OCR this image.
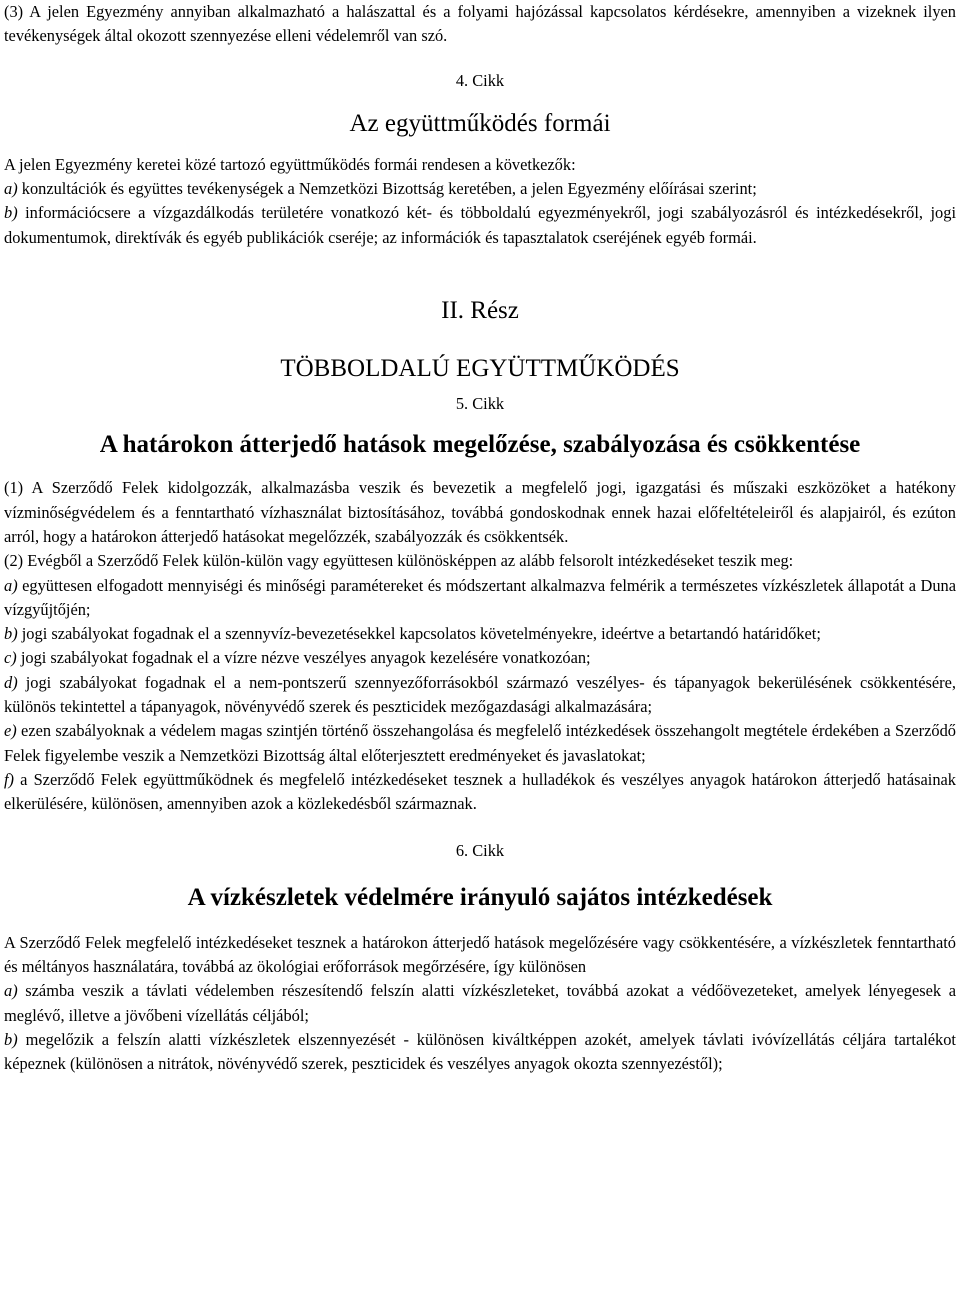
(3) A jelen Egyezmény annyiban alkalmazható a halászattal és a folyami hajózással kapcsolatos kérdésekre, amennyiben a vizeknek ilyen tevékenységek által okozott szennyezése elleni védelemről van szó.

4. Cikk

Az együttműködés formái

A jelen Egyezmény keretei közé tartozó együttműködés formái rendesen a következők:

a) konzultációk és együttes tevékenységek a Nemzetközi Bizottság keretében, a jelen Egyezmény előírásai szerint;

b) információcsere a vízgazdálkodás területére vonatkozó két- és többoldalú egyezményekről, jogi szabályozásról és intézkedésekről, jogi dokumentumok, direktívák és egyéb publikációk cseréje; az információk és tapasztalatok cseréjének egyéb formái.

II. Rész

TÖBBOLDALÚ EGYÜTTMŰKÖDÉS

5. Cikk

A határokon átterjedő hatások megelőzése, szabályozása és csökkentése

(1) A Szerződő Felek kidolgozzák, alkalmazásba veszik és bevezetik a megfelelő jogi, igazgatási és műszaki eszközöket a hatékony vízminőségvédelem és a fenntartható vízhasználat biztosításához, továbbá gondoskodnak ennek hazai előfeltételeiről és alapjairól, és ezúton arról, hogy a határokon átterjedő hatásokat megelőzzék, szabályozzák és csökkentsék.

(2) Evégből a Szerződő Felek külön-külön vagy együttesen különösképpen az alább felsorolt intézkedéseket teszik meg:

a) együttesen elfogadott mennyiségi és minőségi paramétereket és módszertant alkalmazva felmérik a természetes vízkészletek állapotát a Duna vízgyűjtőjén;

b) jogi szabályokat fogadnak el a szennyvíz-bevezetésekkel kapcsolatos követelményekre, ideértve a betartandó határidőket;

c) jogi szabályokat fogadnak el a vízre nézve veszélyes anyagok kezelésére vonatkozóan;

d) jogi szabályokat fogadnak el a nem-pontszerű szennyezőforrásokból származó veszélyes- és tápanyagok bekerülésének csökkentésére, különös tekintettel a tápanyagok, növényvédő szerek és peszticidek mezőgazdasági alkalmazására;

e) ezen szabályoknak a védelem magas szintjén történő összehangolása és megfelelő intézkedések összehangolt megtétele érdekében a Szerződő Felek figyelembe veszik a Nemzetközi Bizottság által előterjesztett eredményeket és javaslatokat;

f) a Szerződő Felek együttműködnek és megfelelő intézkedéseket tesznek a hulladékok és veszélyes anyagok határokon átterjedő hatásainak elkerülésére, különösen, amennyiben azok a közlekedésből származnak.

6. Cikk

A vízkészletek védelmére irányuló sajátos intézkedések

A Szerződő Felek megfelelő intézkedéseket tesznek a határokon átterjedő hatások megelőzésére vagy csökkentésére, a vízkészletek fenntartható és méltányos használatára, továbbá az ökológiai erőforrások megőrzésére, így különösen

a) számba veszik a távlati védelemben részesítendő felszín alatti vízkészleteket, továbbá azokat a védőövezeteket, amelyek lényegesek a meglévő, illetve a jövőbeni vízellátás céljából;

b) megelőzik a felszín alatti vízkészletek elszennyezését - különösen kiváltképpen azokét, amelyek távlati ivóvízellátás céljára tartalékot képeznek (különösen a nitrátok, növényvédő szerek, peszticidek és veszélyes anyagok okozta szennyezéstől);
